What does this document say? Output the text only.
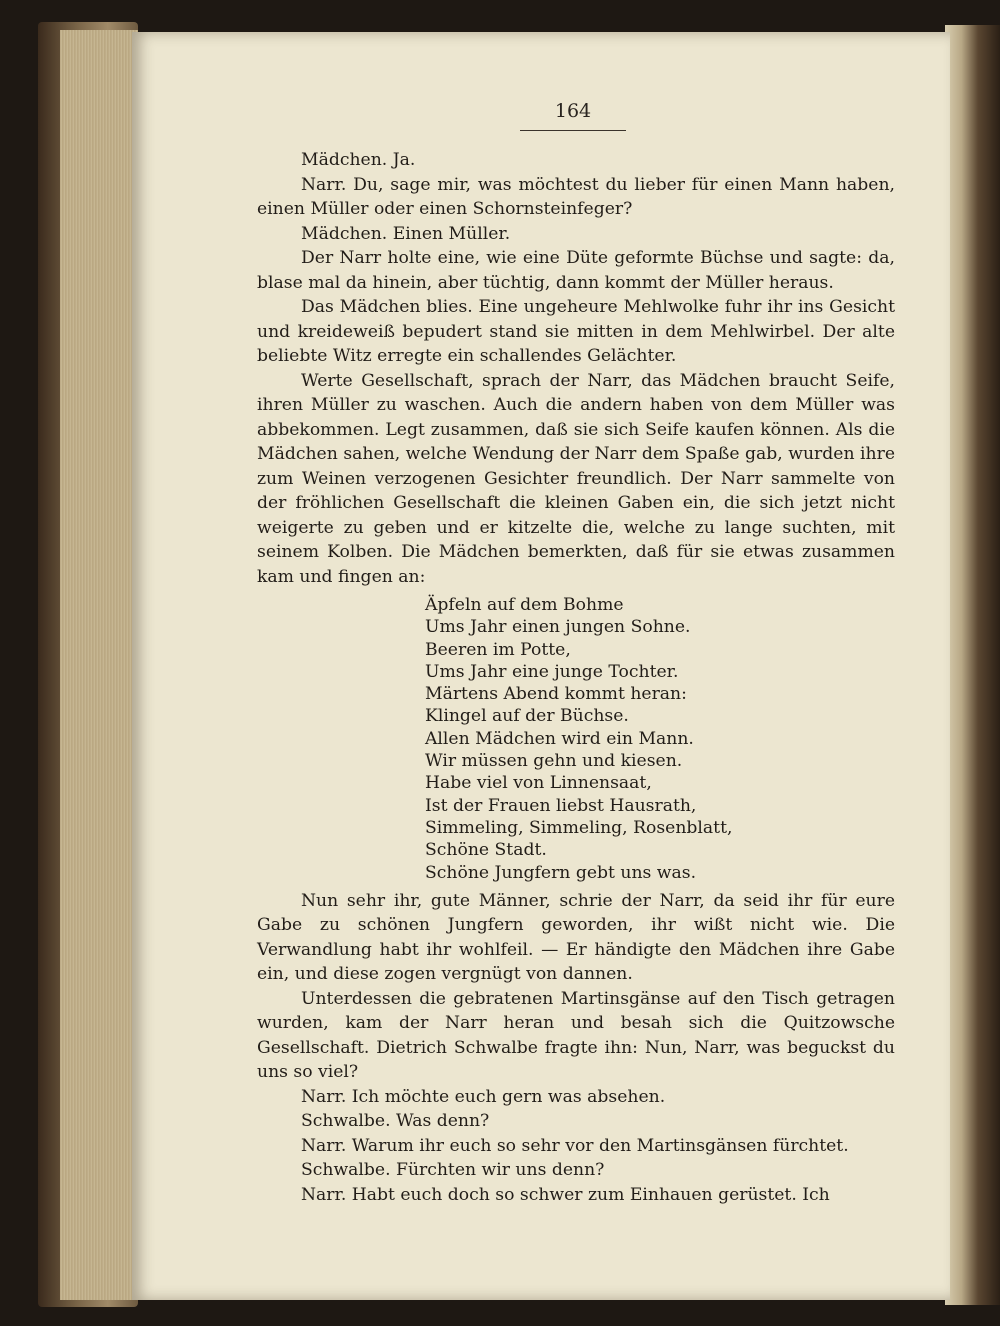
164

Mädchen. Ja.

Narr. Du, sage mir, was möchtest du lieber für einen Mann haben, einen Müller oder einen Schornsteinfeger?

Mädchen. Einen Müller.

Der Narr holte eine, wie eine Düte geformte Büchse und sagte: da, blase mal da hinein, aber tüchtig, dann kommt der Müller heraus.

Das Mädchen blies. Eine ungeheure Mehlwolke fuhr ihr ins Gesicht und kreideweiß bepudert stand sie mitten in dem Mehlwirbel. Der alte beliebte Witz erregte ein schallendes Gelächter.

Werte Gesellschaft, sprach der Narr, das Mädchen braucht Seife, ihren Müller zu waschen. Auch die andern haben von dem Müller was abbekommen. Legt zusammen, daß sie sich Seife kaufen können. Als die Mädchen sahen, welche Wendung der Narr dem Spaße gab, wurden ihre zum Weinen verzogenen Gesichter freundlich. Der Narr sammelte von der fröhlichen Gesellschaft die kleinen Gaben ein, die sich jetzt nicht weigerte zu geben und er kitzelte die, welche zu lange suchten, mit seinem Kolben. Die Mädchen bemerkten, daß für sie etwas zusammen kam und fingen an:

Äpfeln auf dem Bohme
Ums Jahr einen jungen Sohne.
Beeren im Potte,
Ums Jahr eine junge Tochter.
Märtens Abend kommt heran:
Klingel auf der Büchse.
Allen Mädchen wird ein Mann.
Wir müssen gehn und kiesen.
Habe viel von Linnensaat,
Ist der Frauen liebst Hausrath,
Simmeling, Simmeling, Rosenblatt,
Schöne Stadt.
Schöne Jungfern gebt uns was.

Nun sehr ihr, gute Männer, schrie der Narr, da seid ihr für eure Gabe zu schönen Jungfern geworden, ihr wißt nicht wie. Die Verwandlung habt ihr wohlfeil. — Er händigte den Mädchen ihre Gabe ein, und diese zogen vergnügt von dannen.

Unterdessen die gebratenen Martinsgänse auf den Tisch getragen wurden, kam der Narr heran und besah sich die Quitzowsche Gesellschaft. Dietrich Schwalbe fragte ihn: Nun, Narr, was beguckst du uns so viel?

Narr. Ich möchte euch gern was absehen.

Schwalbe. Was denn?

Narr. Warum ihr euch so sehr vor den Martinsgänsen fürchtet.

Schwalbe. Fürchten wir uns denn?

Narr. Habt euch doch so schwer zum Einhauen gerüstet. Ich
